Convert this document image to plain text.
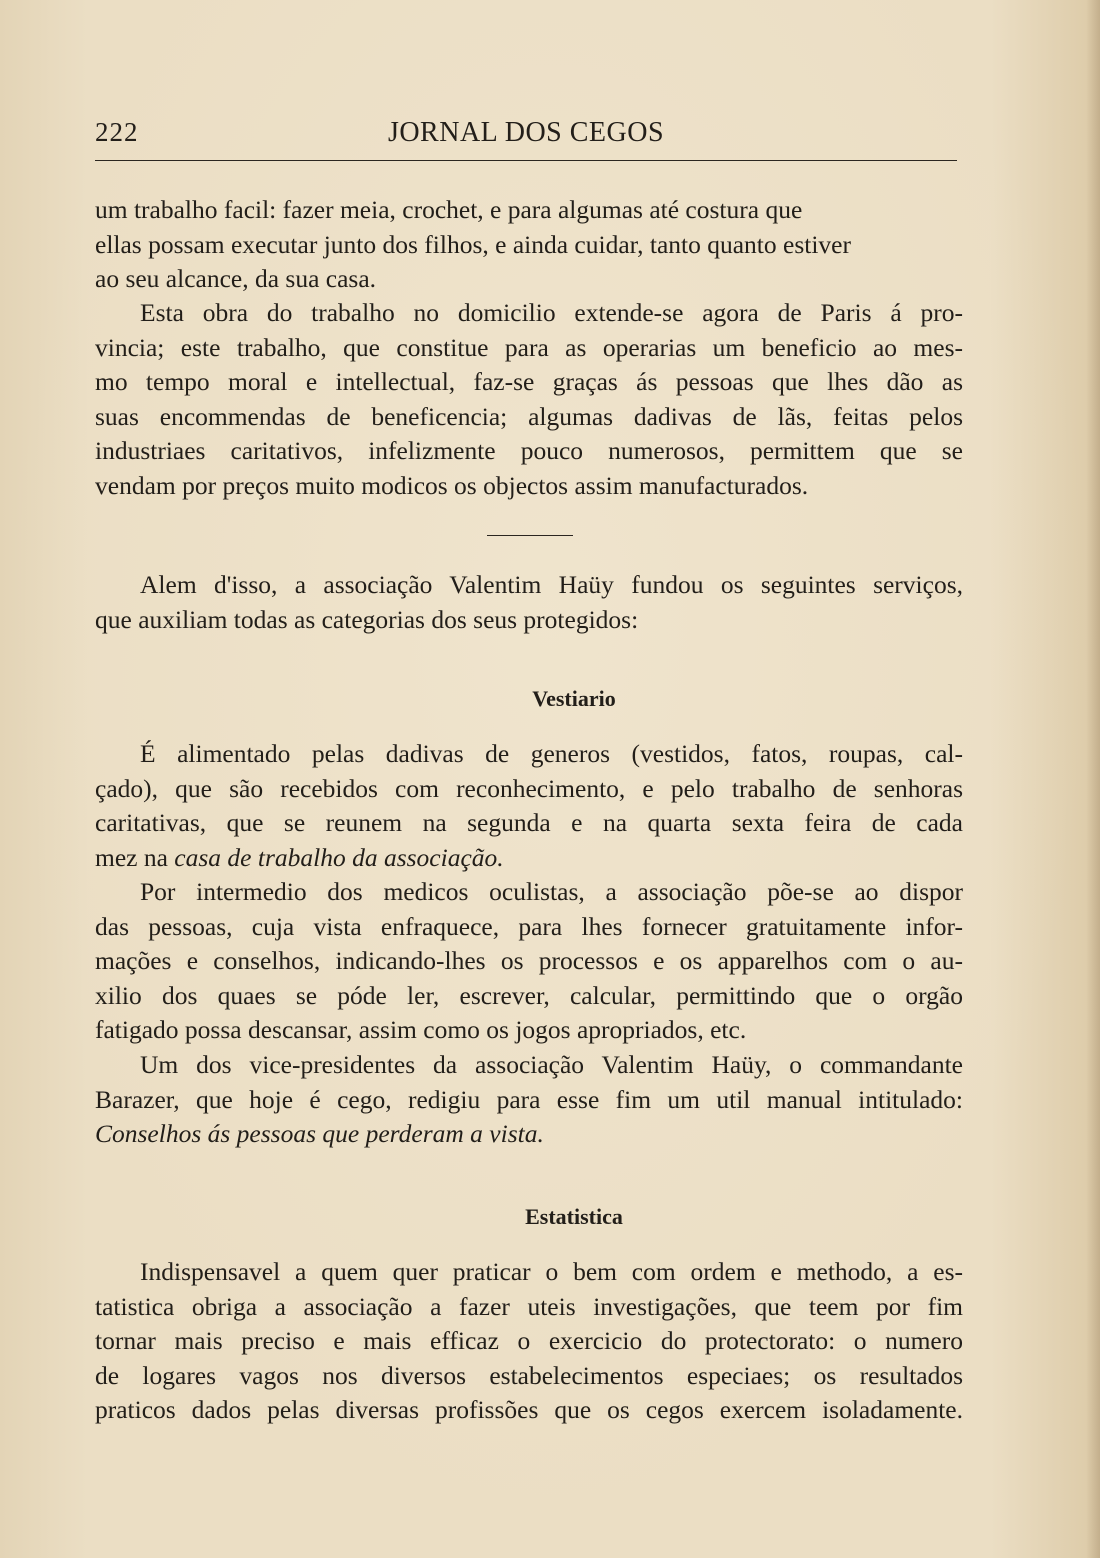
222	JORNAL DOS CEGOS
um trabalho facil: fazer meia, crochet, e para algumas até costura que
ellas possam executar junto dos filhos, e ainda cuidar, tanto quanto estiver
ao seu alcance, da sua casa.
Esta obra do trabalho no domicilio extende-se agora de Paris á pro-
vincia; este trabalho, que constitue para as operarias um beneficio ao mes-
mo tempo moral e intellectual, faz-se graças ás pessoas que lhes dão as
suas encommendas de beneficencia; algumas dadivas de lãs, feitas pelos
industriaes caritativos, infelizmente pouco numerosos, permittem que se
vendam por preços muito modicos os objectos assim manufacturados.
Alem d'isso, a associação Valentim Haüy fundou os seguintes serviços,
que auxiliam todas as categorias dos seus protegidos:
Vestiario
É alimentado pelas dadivas de generos (vestidos, fatos, roupas, cal-
çado), que são recebidos com reconhecimento, e pelo trabalho de senhoras
caritativas, que se reunem na segunda e na quarta sexta feira de cada
mez na casa de trabalho da associação.
Por intermedio dos medicos oculistas, a associação põe-se ao dispor
das pessoas, cuja vista enfraquece, para lhes fornecer gratuitamente infor-
mações e conselhos, indicando-lhes os processos e os apparelhos com o au-
xilio dos quaes se póde ler, escrever, calcular, permittindo que o orgão
fatigado possa descansar, assim como os jogos apropriados, etc.
Um dos vice-presidentes da associação Valentim Haüy, o commandante
Barazer, que hoje é cego, redigiu para esse fim um util manual intitulado:
Conselhos ás pessoas que perderam a vista.
Estatistica
Indispensavel a quem quer praticar o bem com ordem e methodo, a es-
tatistica obriga a associação a fazer uteis investigações, que teem por fim
tornar mais preciso e mais efficaz o exercicio do protectorato: o numero
de logares vagos nos diversos estabelecimentos especiaes; os resultados
praticos dados pelas diversas profissões que os cegos exercem isoladamente.
